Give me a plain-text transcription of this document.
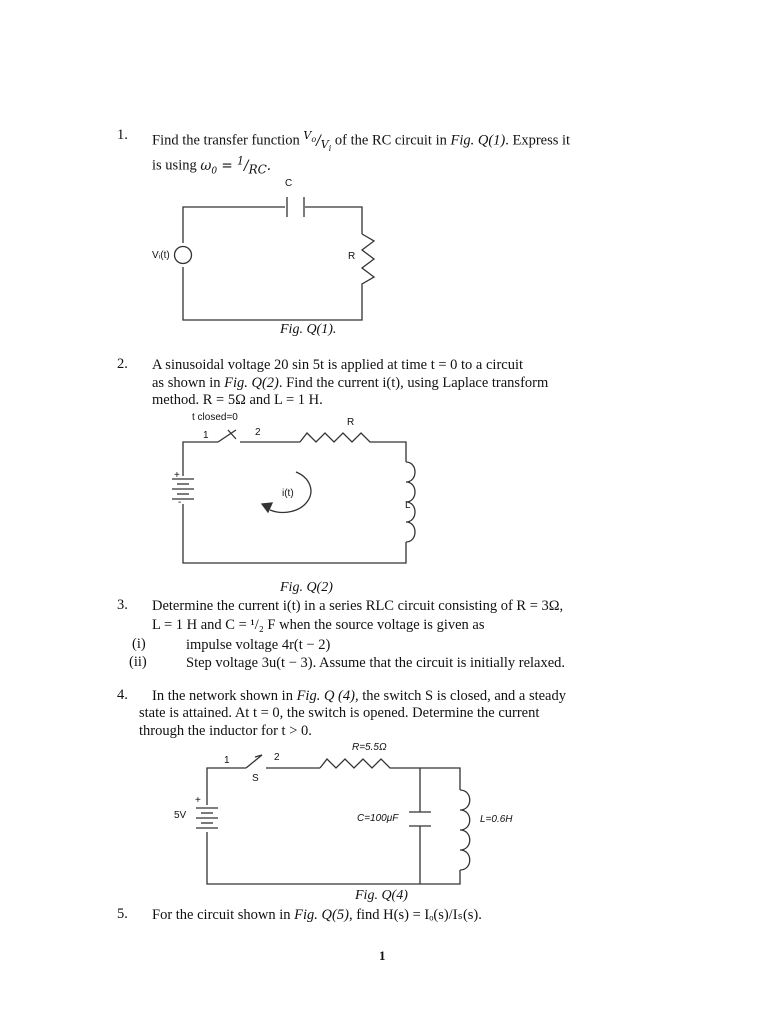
1. Find the transfer function $^{V_o}/_{V_i}$ of the RC circuit in Fig. Q(1). Express it
is using $\omega_0 = ^1/_{RC}$.
C
Vᵢ(t)	R
Fig. Q(1).
2. A sinusoidal voltage 20 sin 5t is applied at time t = 0 to a circuit
as shown in Fig. Q(2). Find the current i(t), using Laplace transform
method. R = 5Ω and L = 1 H.
t closed=0
1	2
R
+
-
i(t)
L
Fig. Q(2)
3. Determine the current i(t) in a series RLC circuit consisting of R = 3Ω,
L = 1 H and C = ¹/₂ F when the source voltage is given as
(i)	impulse voltage 4r(t − 2)
(ii)	Step voltage 3u(t − 3). Assume that the circuit is initially relaxed.
4. In the network shown in Fig. Q (4), the switch S is closed, and a steady
state is attained. At t = 0, the switch is opened. Determine the current
through the inductor for t > 0.
1	2
S
R=5.5Ω
+
5V
-
C=100μF	L=0.6H
Fig. Q(4)
5. For the circuit shown in Fig. Q(5), find H(s) = Iₒ(s)/Iₛ(s).
1
